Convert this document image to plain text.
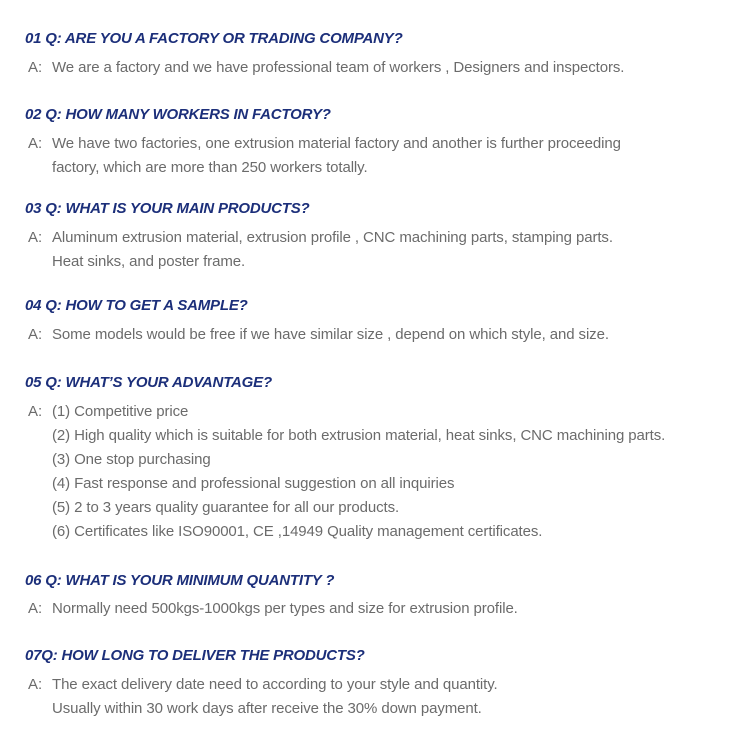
01 Q: ARE YOU A FACTORY OR TRADING COMPANY?
A: We are a factory and we have professional team of workers , Designers and inspectors.
02 Q: HOW MANY WORKERS IN FACTORY?
A: We have two factories, one extrusion material factory and another is further proceeding
factory, which are more than 250 workers totally.
03 Q: WHAT IS YOUR MAIN PRODUCTS?
A: Aluminum extrusion material, extrusion profile , CNC machining parts, stamping parts.
Heat sinks, and poster frame.
04 Q: HOW TO GET A SAMPLE?
A: Some models would be free if we have similar size , depend on which style, and size.
05 Q: WHAT’S YOUR ADVANTAGE?
A: (1) Competitive price
(2) High quality which is suitable for both extrusion material, heat sinks, CNC machining parts.
(3) One stop purchasing
(4) Fast response and professional suggestion on all inquiries
(5) 2 to 3 years quality guarantee for all our products.
(6) Certificates like ISO90001, CE ,14949 Quality management certificates.
06 Q: WHAT IS YOUR MINIMUM QUANTITY ?
A: Normally need 500kgs-1000kgs per types and size for extrusion profile.
07Q: HOW LONG TO DELIVER THE PRODUCTS?
A: The exact delivery date need to according to your style and quantity.
Usually within 30 work days after receive the 30% down payment.
